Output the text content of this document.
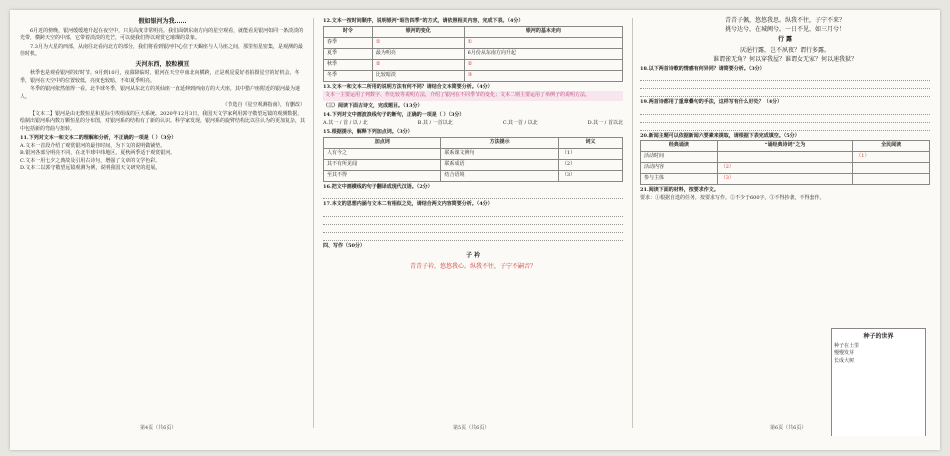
假如银河为我……

6月近的傍晚，银河缓缓地升起在夜空中，只见高度非常明亮。我们面朝东南方向的星空观看，就能看见银河如同一条淡淡的光带，横跨天空的中部，它带着淡淡的光芒，可以使我们得以观赏它璀璨的景象。

7.3月为大星的西部，从南往北看向北方的部分，我们将看到银河中心位于天蝎座与人马座之间，那里恒星密集，是观测的最佳时机。

天河东西，胶粒横亘

秋季也是观看银河的好时节。9月到10月，夜幕降临时，银河在天空中南北向横跨，正是观星爱好者拍摄星空的好机会。冬季，银河在天空中的位置较低，亮度也较暗，不如夏季明亮。

冬季的银河依然值得一看。北半球冬季，银河从东北方的英仙座一直延伸到西南方的大犬座，其中猎户座附近的银河最为迷人。

（节选自《星空观测指南》，有删改）

【文本二】银河是由无数恒星和星际尘埃组成的巨大系统。2020年12月3日，我国天文学家利用郭守敬望远镜的观测数据，绘制出银河系内数万颗恒星的分布图，对银河系的结构有了新的认识。科学家发现，银河系的旋臂结构比以往认为的更加复杂，其中包括新的弯曲与扭转。

11.下列对文本一和文本二的理解和分析，不正确的一项是（ ）（3分）
A.文本一首段介绍了观赏银河的最佳时间，为下文的说明做铺垫。
B.银河各部分明亮不同，在北半球中纬地区，夏秋两季适于观赏银河。
C.文本一用七夕之典故及引用古诗句，增强了文章的文学色彩。
D.文本二以郭守敬望远镜观测为例，说明我国天文研究的进展。
第4页（共6页）
12.文本一按时间顺序，说明银河“昭告四季”的方式，请依照相关内容，完成下表。（4分）
时令	银河的变化	银河的基本走向
春季	①	①
夏季	最为明亮	6月份从东南方向升起
秋季	②	②
冬季	比较暗淡	③
13.文本一和文本二所用的说明方法有何不同？请结合文本简要分析。（4分）
文本一主要运用了列数字、作比较等说明方法，介绍了银河在不同季节的变化；文本二则主要运用了举例子的说明方法。
（三）阅读下面古诗文，完成题目。（13分）
14.下列对文中画波浪线句子的断句，正确的一项是（ ）（3分）
A.其一 / 首 / 以 / 北	B.其 / 一首以北	C.其一首 / 以北	D.其一 / 首以北
15.根据提示，解释下列加点词。（3分）
加点词	方法提示	词义
人有今之	联系课文例句	（1）
其不有所见闻	联系成语	（2）
至其不得	结合语境	（3）
16.把文中画横线的句子翻译成现代汉语。（2分）
17.本文的思想内涵与文本二有相似之处，请结合两文内容简要分析。（4分）
四、写作（50分）
子 衿
青青子衿，悠悠我心。纵我不往，子宁不嗣音？
第5页（共6页）
青青子佩，悠悠我思。纵我不往，子宁不来？
挑兮达兮，在城阙兮。一日不见，如三月兮！
行 露
厌浥行露，岂不夙夜？谓行多露。
谁谓雀无角？何以穿我屋？谁谓女无家？何以速我狱？
18.以下两首诗歌的情感有何异同？请简要分析。（3分）
19.两首诗都用了重章叠句的手法，这样写有什么好处？（4分）
20.新闻主题可以依据新闻六要素来提取，请根据下表完成填空。（5分）
经典诵读	“诵经典诗词”之为	全民阅读
活动时间		（1）
活动内容	（2）	
参与主体	（3）	
21.阅读下面的材料，按要求作文。
要求：①根据自选的任务，按要求写作。②不少于600字。③不得抄袭，不得套作。
种子的世界
种子在土里
慢慢发芽
长成大树
第6页（共6页）
